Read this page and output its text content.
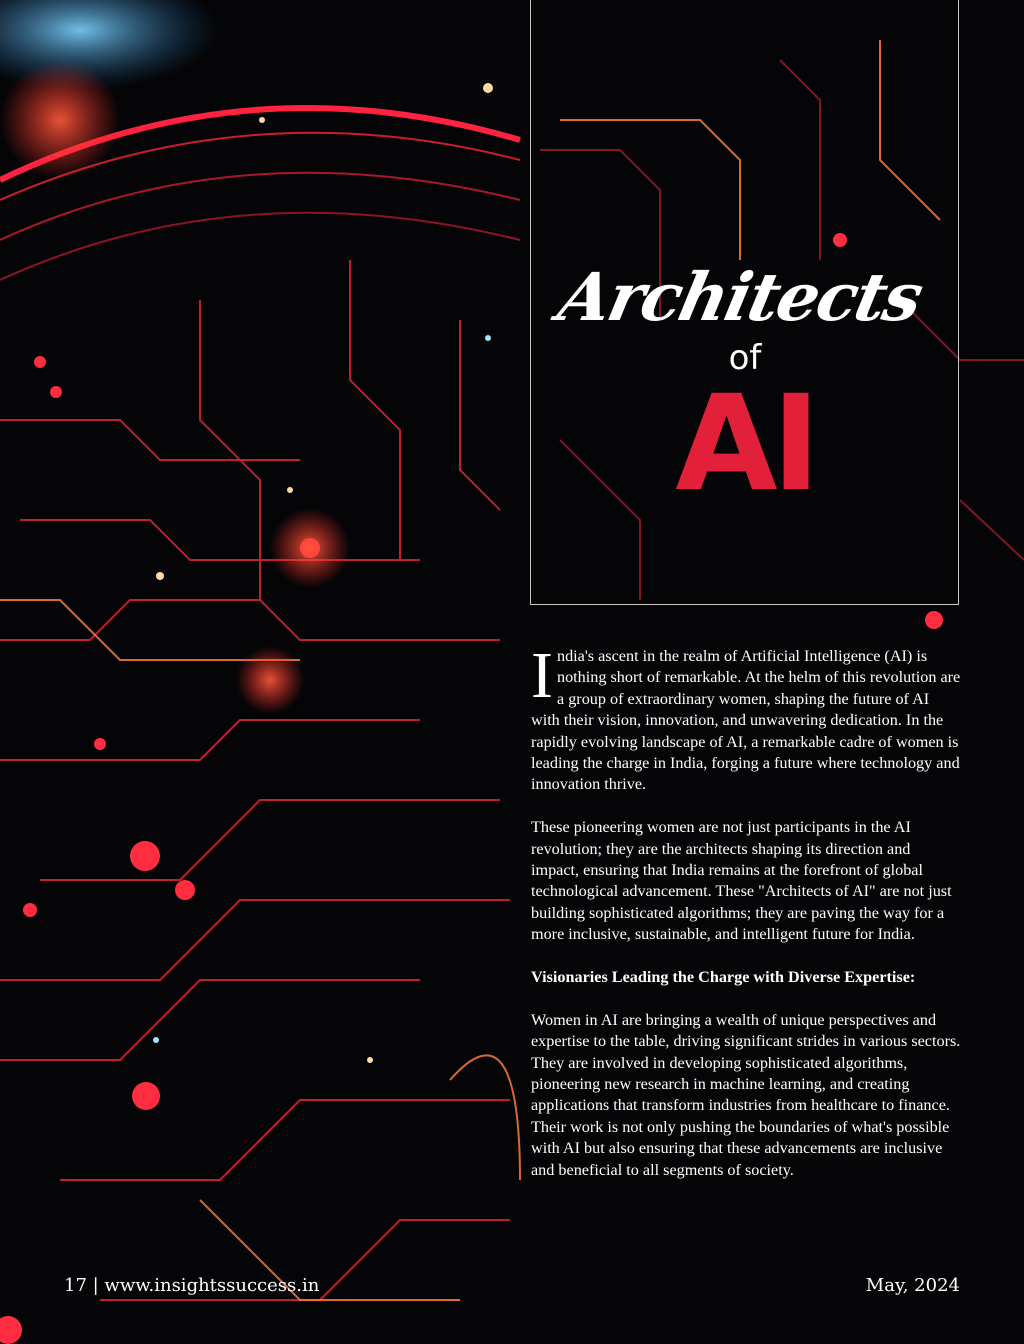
Architects
of
AI

India's ascent in the realm of Artificial Intelligence (AI) is nothing short of remarkable. At the helm of this revolution are a group of extraordinary women, shaping the future of AI with their vision, innovation, and unwavering dedication. In the rapidly evolving landscape of AI, a remarkable cadre of women is leading the charge in India, forging a future where technology and innovation thrive.

These pioneering women are not just participants in the AI revolution; they are the architects shaping its direction and impact, ensuring that India remains at the forefront of global technological advancement. These "Architects of AI" are not just building sophisticated algorithms; they are paving the way for a more inclusive, sustainable, and intelligent future for India.

Visionaries Leading the Charge with Diverse Expertise:

Women in AI are bringing a wealth of unique perspectives and expertise to the table, driving significant strides in various sectors. They are involved in developing sophisticated algorithms, pioneering new research in machine learning, and creating applications that transform industries from healthcare to finance. Their work is not only pushing the boundaries of what's possible with AI but also ensuring that these advancements are inclusive and beneficial to all segments of society.

17 | www.insightssuccess.in	May, 2024
